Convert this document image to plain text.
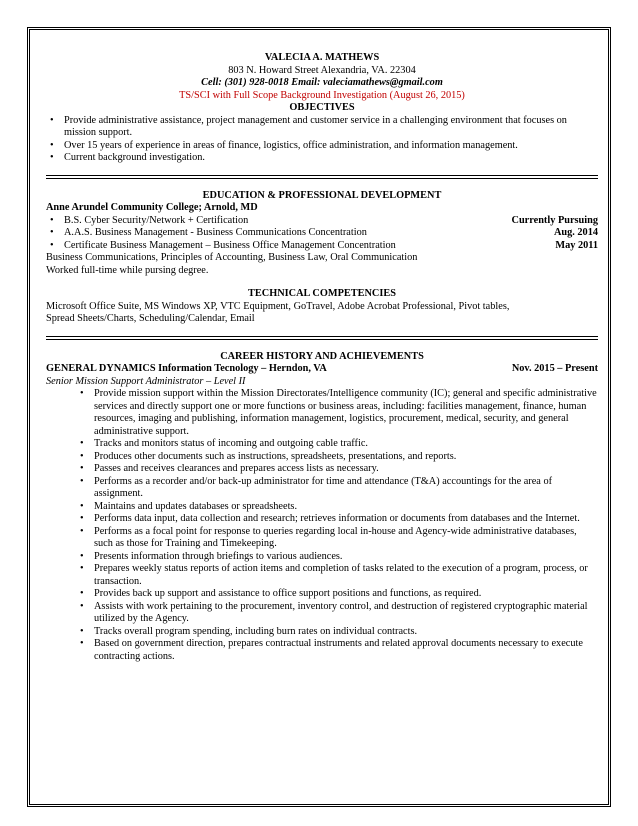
VALECIA A. MATHEWS
803 N. Howard Street Alexandria, VA. 22304
Cell: (301) 928-0018 Email: valeciamathews@gmail.com
TS/SCI with Full Scope Background Investigation (August 26, 2015)
OBJECTIVES
• Provide administrative assistance, project management and customer service in a challenging environment that focuses on mission support.
• Over 15 years of experience in areas of finance, logistics, office administration, and information management.
• Current background investigation.
EDUCATION & PROFESSIONAL DEVELOPMENT
Anne Arundel Community College; Arnold, MD
• B.S. Cyber Security/Network + Certification	Currently Pursuing
• A.A.S. Business Management - Business Communications Concentration	Aug. 2014
• Certificate Business Management – Business Office Management Concentration	May 2011
Business Communications, Principles of Accounting, Business Law, Oral Communication
Worked full-time while pursing degree.
TECHNICAL COMPETENCIES
Microsoft Office Suite, MS Windows XP, VTC Equipment, GoTravel, Adobe Acrobat Professional, Pivot tables,
Spread Sheets/Charts, Scheduling/Calendar, Email
CAREER HISTORY AND ACHIEVEMENTS
GENERAL DYNAMICS Information Tecnology – Herndon, VA	Nov. 2015 – Present
Senior Mission Support Administrator – Level II
• Provide mission support within the Mission Directorates/Intelligence community (IC); general and specific administrative services and directly support one or more functions or business areas, including: facilities management, finance, human resources, imaging and publishing, information management, logistics, procurement, medical, security, and general administrative support.
• Tracks and monitors status of incoming and outgoing cable traffic.
• Produces other documents such as instructions, spreadsheets, presentations, and reports.
• Passes and receives clearances and prepares access lists as necessary.
• Performs as a recorder and/or back-up administrator for time and attendance (T&A) accountings for the area of assignment.
• Maintains and updates databases or spreadsheets.
• Performs data input, data collection and research; retrieves information or documents from databases and the Internet.
• Performs as a focal point for response to queries regarding local in-house and Agency-wide administrative databases, such as those for Training and Timekeeping.
• Presents information through briefings to various audiences.
• Prepares weekly status reports of action items and completion of tasks related to the execution of a program, process, or transaction.
• Provides back up support and assistance to office support positions and functions, as required.
• Assists with work pertaining to the procurement, inventory control, and destruction of registered cryptographic material utilized by the Agency.
• Tracks overall program spending, including burn rates on individual contracts.
• Based on government direction, prepares contractual instruments and related approval documents necessary to execute contracting actions.
